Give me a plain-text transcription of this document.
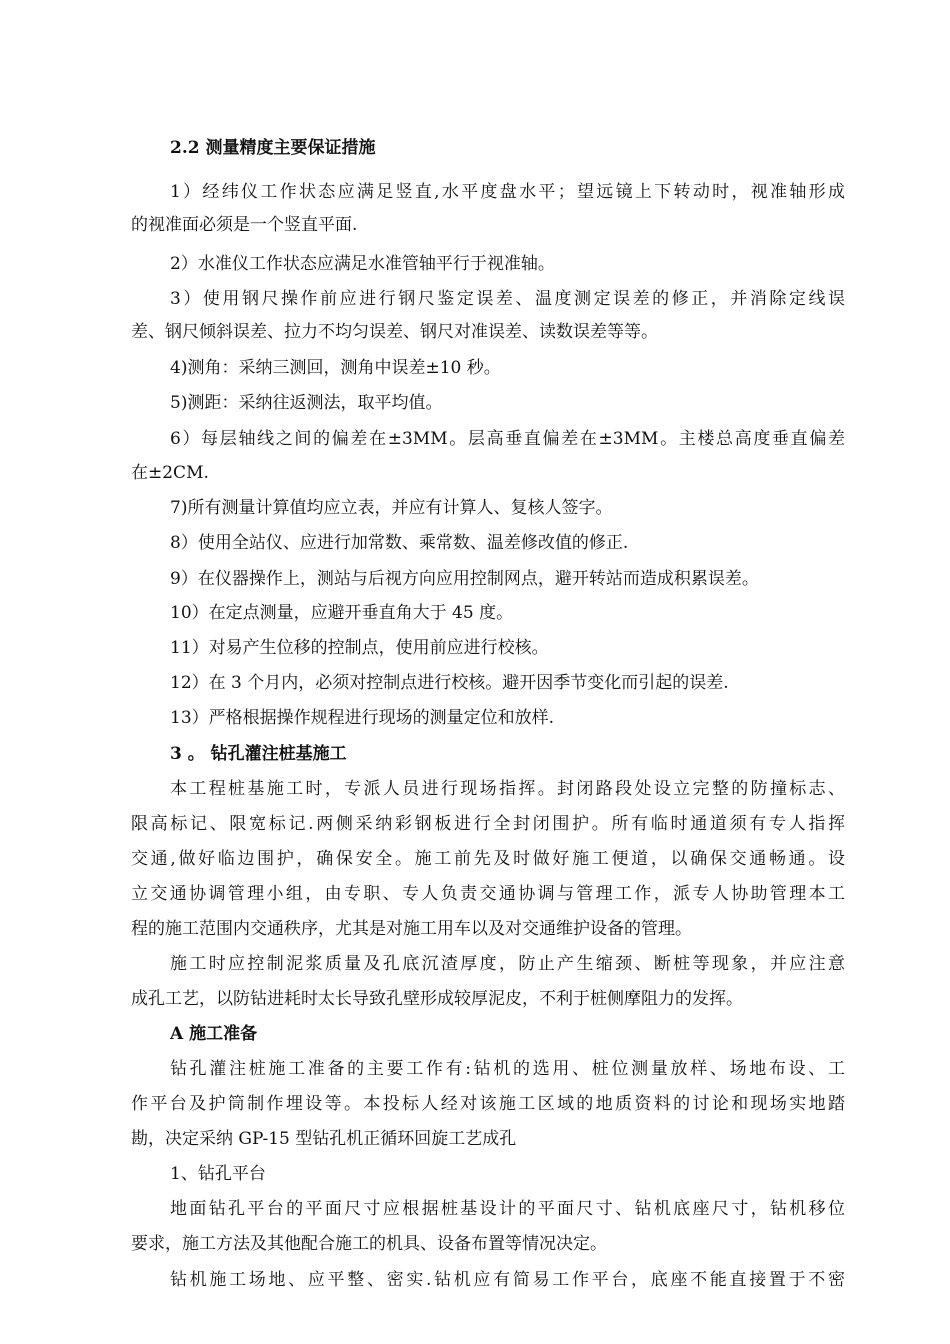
2.2 测量精度主要保证措施
1）经纬仪工作状态应满足竖直,水平度盘水平；望远镜上下转动时，视准轴形成
的视准面必须是一个竖直平面.
2）水准仪工作状态应满足水准管轴平行于视准轴。
3）使用钢尺操作前应进行钢尺鉴定误差、温度测定误差的修正，并消除定线误
差、钢尺倾斜误差、拉力不均匀误差、钢尺对准误差、读数误差等等。
4)测角：采纳三测回，测角中误差±10 秒。
5)测距：采纳往返测法，取平均值。
6）每层轴线之间的偏差在±3MM。层高垂直偏差在±3MM。主楼总高度垂直偏差
在±2CM.
7)所有测量计算值均应立表，并应有计算人、复核人签字。
8）使用全站仪、应进行加常数、乘常数、温差修改值的修正.
9）在仪器操作上，测站与后视方向应用控制网点，避开转站而造成积累误差。
10）在定点测量，应避开垂直角大于 45 度。
11）对易产生位移的控制点，使用前应进行校核。
12）在 3 个月内，必须对控制点进行校核。避开因季节变化而引起的误差.
13）严格根据操作规程进行现场的测量定位和放样.
3 。 钻孔灌注桩基施工
本工程桩基施工时，专派人员进行现场指挥。封闭路段处设立完整的防撞标志、
限高标记、限宽标记.两侧采纳彩钢板进行全封闭围护。所有临时通道须有专人指挥
交通,做好临边围护，确保安全。施工前先及时做好施工便道，以确保交通畅通。设
立交通协调管理小组，由专职、专人负责交通协调与管理工作，派专人协助管理本工
程的施工范围内交通秩序，尤其是对施工用车以及对交通维护设备的管理。
施工时应控制泥浆质量及孔底沉渣厚度，防止产生缩颈、断桩等现象，并应注意
成孔工艺，以防钻进耗时太长导致孔壁形成较厚泥皮，不利于桩侧摩阻力的发挥。
A 施工准备
钻孔灌注桩施工准备的主要工作有:钻机的选用、桩位测量放样、场地布设、工
作平台及护筒制作埋设等。本投标人经对该施工区域的地质资料的讨论和现场实地踏
勘，决定采纳 GP-15 型钻孔机正循环回旋工艺成孔
1、钻孔平台
地面钻孔平台的平面尺寸应根据桩基设计的平面尺寸、钻机底座尺寸，钻机移位
要求，施工方法及其他配合施工的机具、设备布置等情况决定。
钻机施工场地、应平整、密实.钻机应有简易工作平台，底座不能直接置于不密
